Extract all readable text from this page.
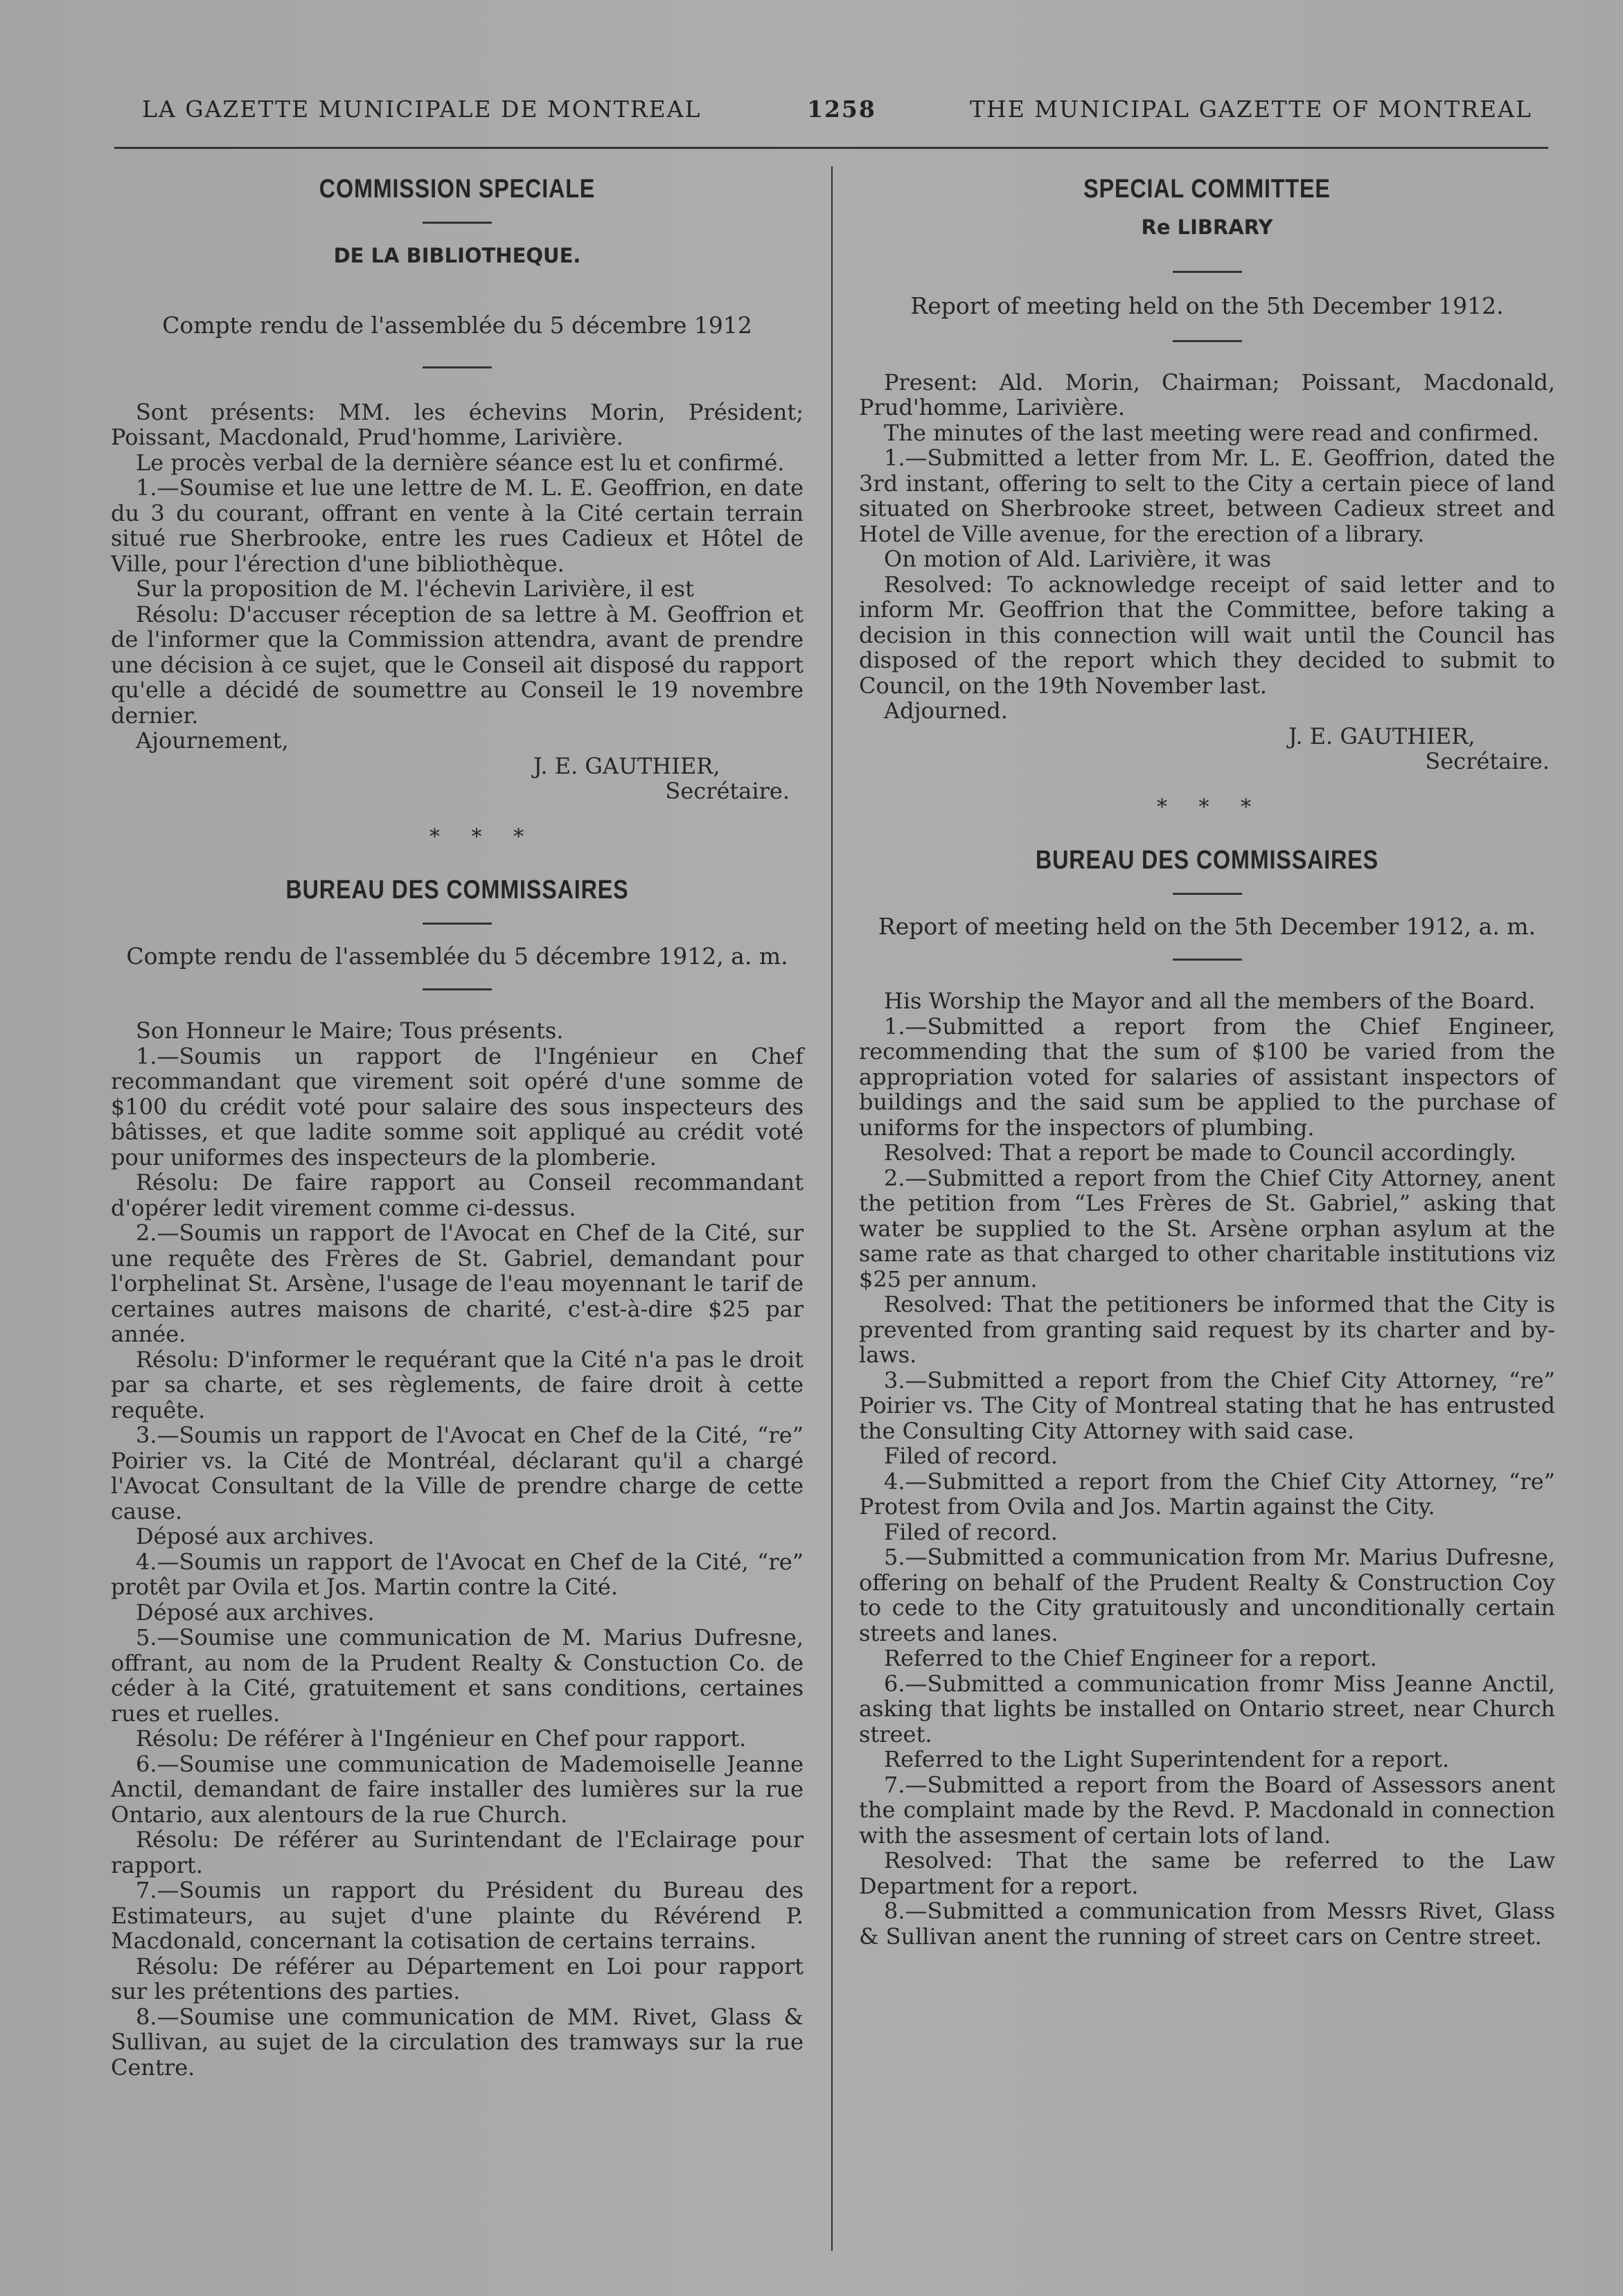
LA GAZETTE MUNICIPALE DE MONTREAL	1258	THE MUNICIPAL GAZETTE OF MONTREAL
COMMISSION SPECIALE
DE LA BIBLIOTHEQUE.
Compte rendu de l'assemblée du 5 décembre 1912

Sont présents: MM. les échevins Morin, Président; Poissant, Macdonald, Prud'homme, Larivière.

Le procès verbal de la dernière séance est lu et confirmé.

1.—Soumise et lue une lettre de M. L. E. Geoffrion, en date du 3 du courant, offrant en vente à la Cité certain terrain situé rue Sherbrooke, entre les rues Cadieux et Hôtel de Ville, pour l'érection d'une bibliothèque.

Sur la proposition de M. l'échevin Larivière, il est

Résolu: D'accuser réception de sa lettre à M. Geoffrion et de l'informer que la Commission attendra, avant de prendre une décision à ce sujet, que le Conseil ait disposé du rapport qu'elle a décidé de soumettre au Conseil le 19 novembre dernier.

Ajournement,

J. E. GAUTHIER,
Secrétaire.
* * *
BUREAU DES COMMISSAIRES
Compte rendu de l'assemblée du 5 décembre 1912, a. m.

Son Honneur le Maire; Tous présents.

1.—Soumis un rapport de l'Ingénieur en Chef recommandant que virement soit opéré d'une somme de $100 du crédit voté pour salaire des sous inspecteurs des bâtisses, et que ladite somme soit appliqué au crédit voté pour uniformes des inspecteurs de la plomberie.

Résolu: De faire rapport au Conseil recommandant d'opérer ledit virement comme ci-dessus.

2.—Soumis un rapport de l'Avocat en Chef de la Cité, sur une requête des Frères de St. Gabriel, demandant pour l'orphelinat St. Arsène, l'usage de l'eau moyennant le tarif de certaines autres maisons de charité, c'est-à-dire $25 par année.

Résolu: D'informer le requérant que la Cité n'a pas le droit par sa charte, et ses règlements, de faire droit à cette requête.

3.—Soumis un rapport de l'Avocat en Chef de la Cité, “re” Poirier vs. la Cité de Montréal, déclarant qu'il a chargé l'Avocat Consultant de la Ville de prendre charge de cette cause.

Déposé aux archives.

4.—Soumis un rapport de l'Avocat en Chef de la Cité, “re” protêt par Ovila et Jos. Martin contre la Cité.

Déposé aux archives.

5.—Soumise une communication de M. Marius Dufresne, offrant, au nom de la Prudent Realty & Constuction Co. de céder à la Cité, gratuitement et sans conditions, certaines rues et ruelles.

Résolu: De référer à l'Ingénieur en Chef pour rapport.

6.—Soumise une communication de Mademoiselle Jeanne Anctil, demandant de faire installer des lumières sur la rue Ontario, aux alentours de la rue Church.

Résolu: De référer au Surintendant de l'Eclairage pour rapport.

7.—Soumis un rapport du Président du Bureau des Estimateurs, au sujet d'une plainte du Révérend P. Macdonald, concernant la cotisation de certains terrains.

Résolu: De référer au Département en Loi pour rapport sur les prétentions des parties.

8.—Soumise une communication de MM. Rivet, Glass & Sullivan, au sujet de la circulation des tramways sur la rue Centre.

SPECIAL COMMITTEE
Re LIBRARY
Report of meeting held on the 5th December 1912.

Present: Ald. Morin, Chairman; Poissant, Macdonald, Prud'homme, Larivière.

The minutes of the last meeting were read and confirmed.

1.—Submitted a letter from Mr. L. E. Geoffrion, dated the 3rd instant, offering to selt to the City a certain piece of land situated on Sherbrooke street, between Cadieux street and Hotel de Ville avenue, for the erection of a library.

On motion of Ald. Larivière, it was

Resolved: To acknowledge receipt of said letter and to inform Mr. Geoffrion that the Committee, before taking a decision in this connection will wait until the Council has disposed of the report which they decided to submit to Council, on the 19th November last.

Adjourned.

J. E. GAUTHIER,
Secrétaire.
* * *
BUREAU DES COMMISSAIRES
Report of meeting held on the 5th December 1912, a. m.

His Worship the Mayor and all the members of the Board.

1.—Submitted a report from the Chief Engineer, recommending that the sum of $100 be varied from the appropriation voted for salaries of assistant inspectors of buildings and the said sum be applied to the purchase of uniforms for the inspectors of plumbing.

Resolved: That a report be made to Council accordingly.

2.—Submitted a report from the Chief City Attorney, anent the petition from “Les Frères de St. Gabriel,” asking that water be supplied to the St. Arsène orphan asylum at the same rate as that charged to other charitable institutions viz $25 per annum.

Resolved: That the petitioners be informed that the City is prevented from granting said request by its charter and by-laws.

3.—Submitted a report from the Chief City Attorney, “re” Poirier vs. The City of Montreal stating that he has entrusted the Consulting City Attorney with said case.

Filed of record.

4.—Submitted a report from the Chief City Attorney, “re” Protest from Ovila and Jos. Martin against the City.

Filed of record.

5.—Submitted a communication from Mr. Marius Dufresne, offering on behalf of the Prudent Realty & Construction Coy to cede to the City gratuitously and unconditionally certain streets and lanes.

Referred to the Chief Engineer for a report.

6.—Submitted a communication fromr Miss Jeanne Anctil, asking that lights be installed on Ontario street, near Church street.

Referred to the Light Superintendent for a report.

7.—Submitted a report from the Board of Assessors anent the complaint made by the Revd. P. Macdonald in connection with the assesment of certain lots of land.

Resolved: That the same be referred to the Law Department for a report.

8.—Submitted a communication from Messrs Rivet, Glass & Sullivan anent the running of street cars on Centre street.
